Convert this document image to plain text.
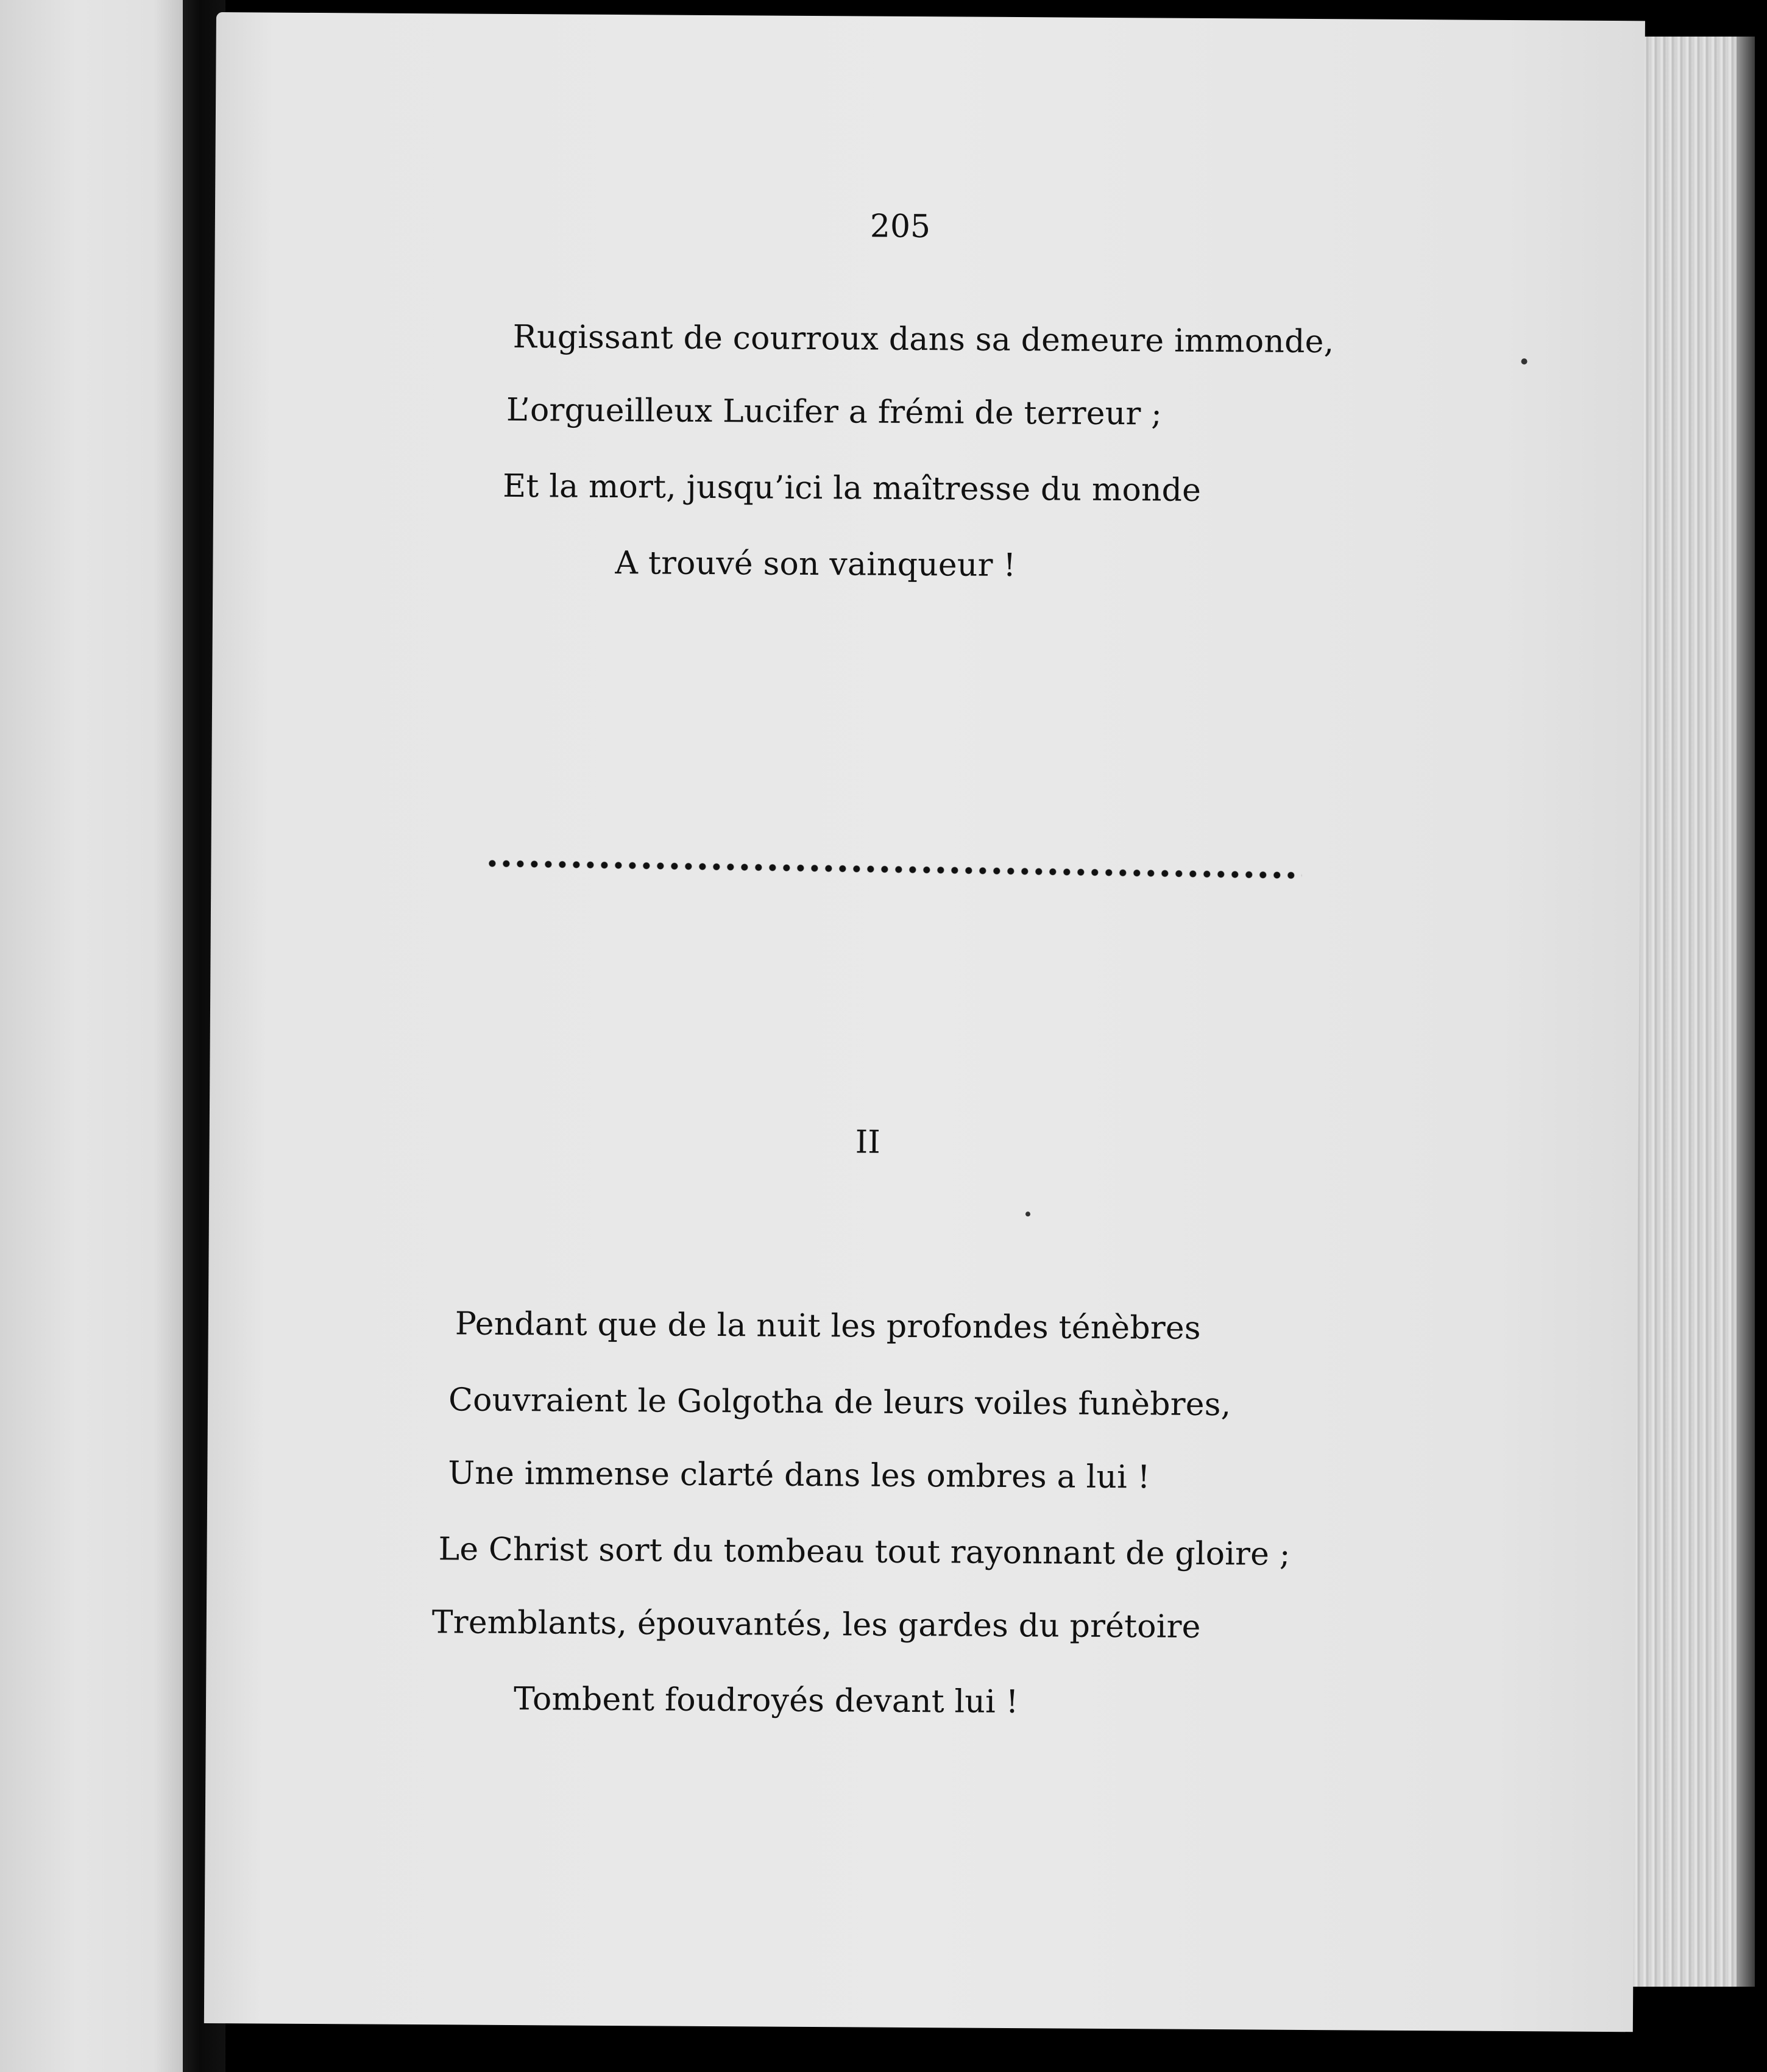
205
Rugissant de courroux dans sa demeure immonde,
L’orgueilleux Lucifer a frémi de terreur ;
Et la mort, jusqu’ici la maîtresse du monde
A trouvé son vainqueur !
II
Pendant que de la nuit les profondes ténèbres
Couvraient le Golgotha de leurs voiles funèbres,
Une immense clarté dans les ombres a lui !
Le Christ sort du tombeau tout rayonnant de gloire ;
Tremblants, épouvantés, les gardes du prétoire
Tombent foudroyés devant lui !
